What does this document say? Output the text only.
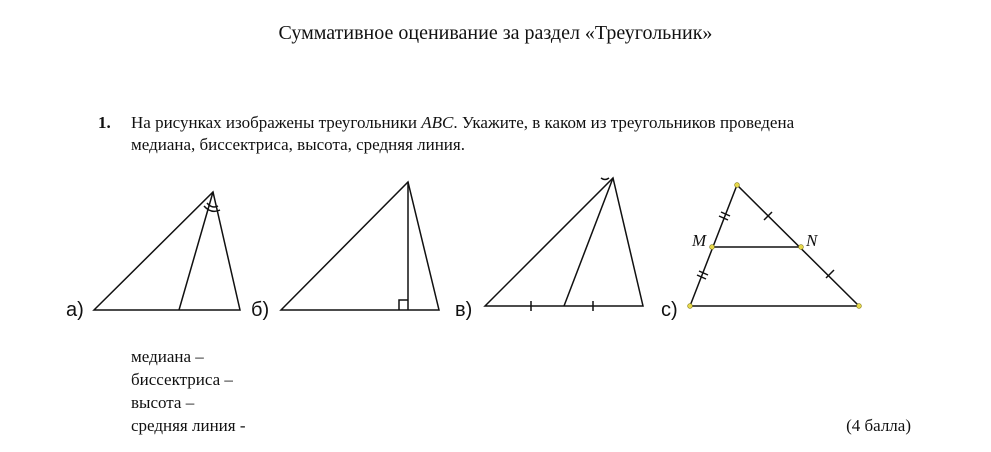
Суммативное оценивание за раздел «Треугольник»
1. На рисунках изображены треугольники ABC. Укажите, в каком из треугольников проведена медиана, биссектриса, высота, средняя линия.
а)	б)	в)	с)
M	N
медиана –
биссектриса –
высота –
средняя линия -	(4 балла)
